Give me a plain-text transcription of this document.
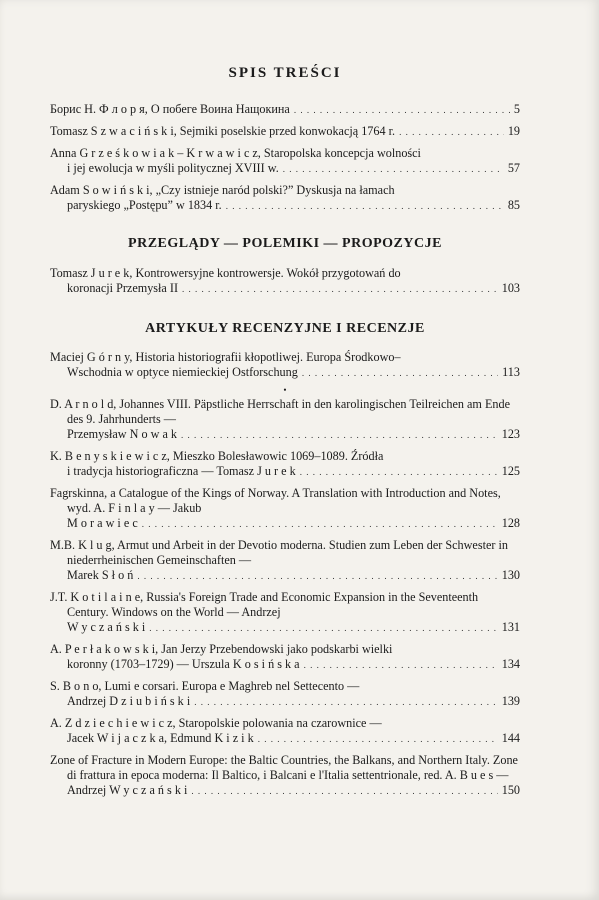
SPIS TREŚCI
Борис Н. Ф л о р я, О побеге Воина Нащокина . . .	5
Tomasz S z w a c i ń s k i, Sejmiki poselskie przed konwokacją 1764 r. . . .	19
Anna G r z e ś k o w i a k – K r w a w i c z, Staropolska koncepcja wolności
i jej ewolucja w myśli politycznej XVIII w. . . .	57
Adam S o w i ń s k i, „Czy istnieje naród polski?” Dyskusja na łamach
paryskiego „Postępu” w 1834 r. . . .	85
PRZEGLĄDY — POLEMIKI — PROPOZYCJE
Tomasz J u r e k, Kontrowersyjne kontrowersje. Wokół przygotowań do
koronacji Przemysła II . . .	103
ARTYKUŁY RECENZYJNE I RECENZJE
Maciej G ó r n y, Historia historiografii kłopotliwej. Europa Środkowo–
Wschodnia w optyce niemieckiej Ostforschung . . .	113
•
D. A r n o l d, Johannes VIII. Päpstliche Herrschaft in den karolingischen Teilreichen am Ende des 9. Jahrhunderts —
Przemysław N o w a k . . .	123
K. B e n y s k i e w i c z, Mieszko Bolesławowic 1069–1089. Źródła
i tradycja historiograficzna — Tomasz J u r e k . . .	125
Fagrskinna, a Catalogue of the Kings of Norway. A Translation with Introduction and Notes, wyd. A. F i n l a y — Jakub
M o r a w i e c . . .	128
M.B. K l u g, Armut und Arbeit in der Devotio moderna. Studien zum Leben der Schwester in niederrheinischen Gemeinschaften —
Marek S ł o ń . . .	130
J.T. K o t i l a i n e, Russia's Foreign Trade and Economic Expansion in the Seventeenth Century. Windows on the World — Andrzej
W y c z a ń s k i . . .	131
A. P e r ł a k o w s k i, Jan Jerzy Przebendowski jako podskarbi wielki
koronny (1703–1729) — Urszula K o s i ń s k a . . .	134
S. B o n o, Lumi e corsari. Europa e Maghreb nel Settecento —
Andrzej D z i u b i ń s k i . . .	139
A. Z d z i e c h i e w i c z, Staropolskie polowania na czarownice —
Jacek W i j a c z k a, Edmund K i z i k . . .	144
Zone of Fracture in Modern Europe: the Baltic Countries, the Balkans, and Northern Italy. Zone di frattura in epoca moderna: Il Baltico, i Balcani e l'Italia settentrionale, red. A. B u e s —
Andrzej W y c z a ń s k i . . .	150
